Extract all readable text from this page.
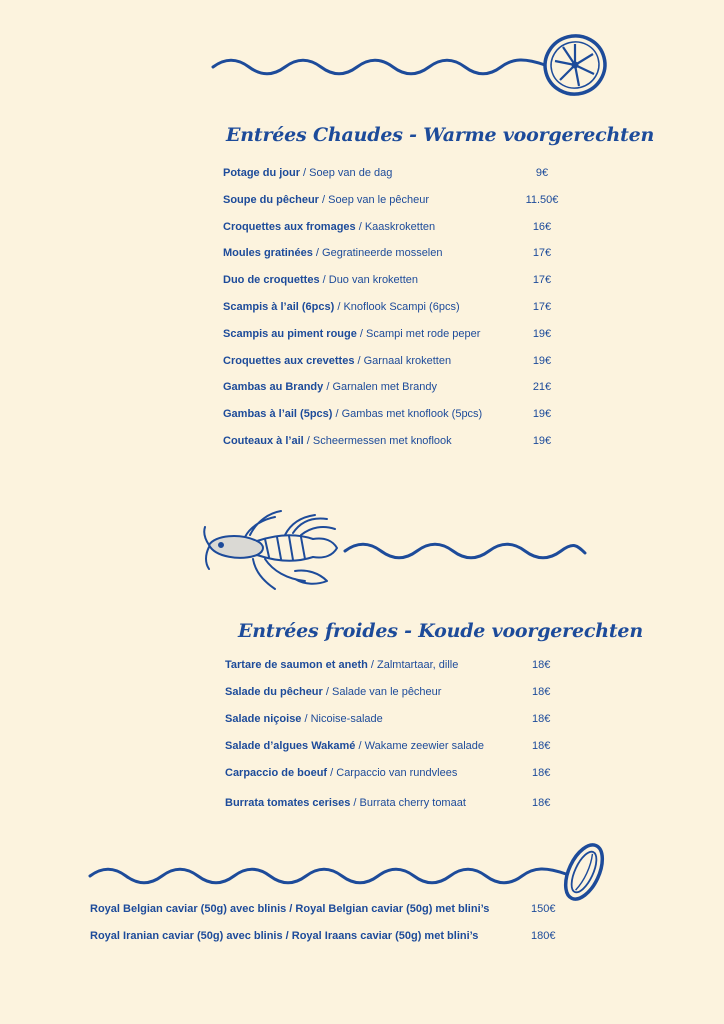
Entrées Chaudes - Warme voorgerechten
Potage du jour / Soep van de dag	9€
Soupe du pêcheur / Soep van le pêcheur	11.50€
Croquettes aux fromages / Kaaskroketten	16€
Moules gratinées / Gegratineerde mosselen	17€
Duo de croquettes / Duo van kroketten	17€
Scampis à l’ail (6pcs) / Knoflook Scampi (6pcs)	17€
Scampis au piment rouge / Scampi met rode peper	19€
Croquettes aux crevettes / Garnaal kroketten	19€
Gambas au Brandy / Garnalen met Brandy	21€
Gambas à l’ail (5pcs) / Gambas met knoflook (5pcs)	19€
Couteaux à l’ail / Scheermessen met knoflook	19€
Entrées froides - Koude voorgerechten
Tartare de saumon et aneth / Zalmtartaar, dille	18€
Salade du pêcheur / Salade van le pêcheur	18€
Salade niçoise / Nicoise-salade	18€
Salade d’algues Wakamé / Wakame zeewier salade	18€
Carpaccio de boeuf / Carpaccio van rundvlees	18€
Burrata tomates cerises / Burrata cherry tomaat	18€
Royal Belgian caviar (50g) avec blinis / Royal Belgian caviar (50g) met blini’s	150€
Royal Iranian caviar (50g) avec blinis / Royal Iraans caviar (50g) met blini’s	180€
